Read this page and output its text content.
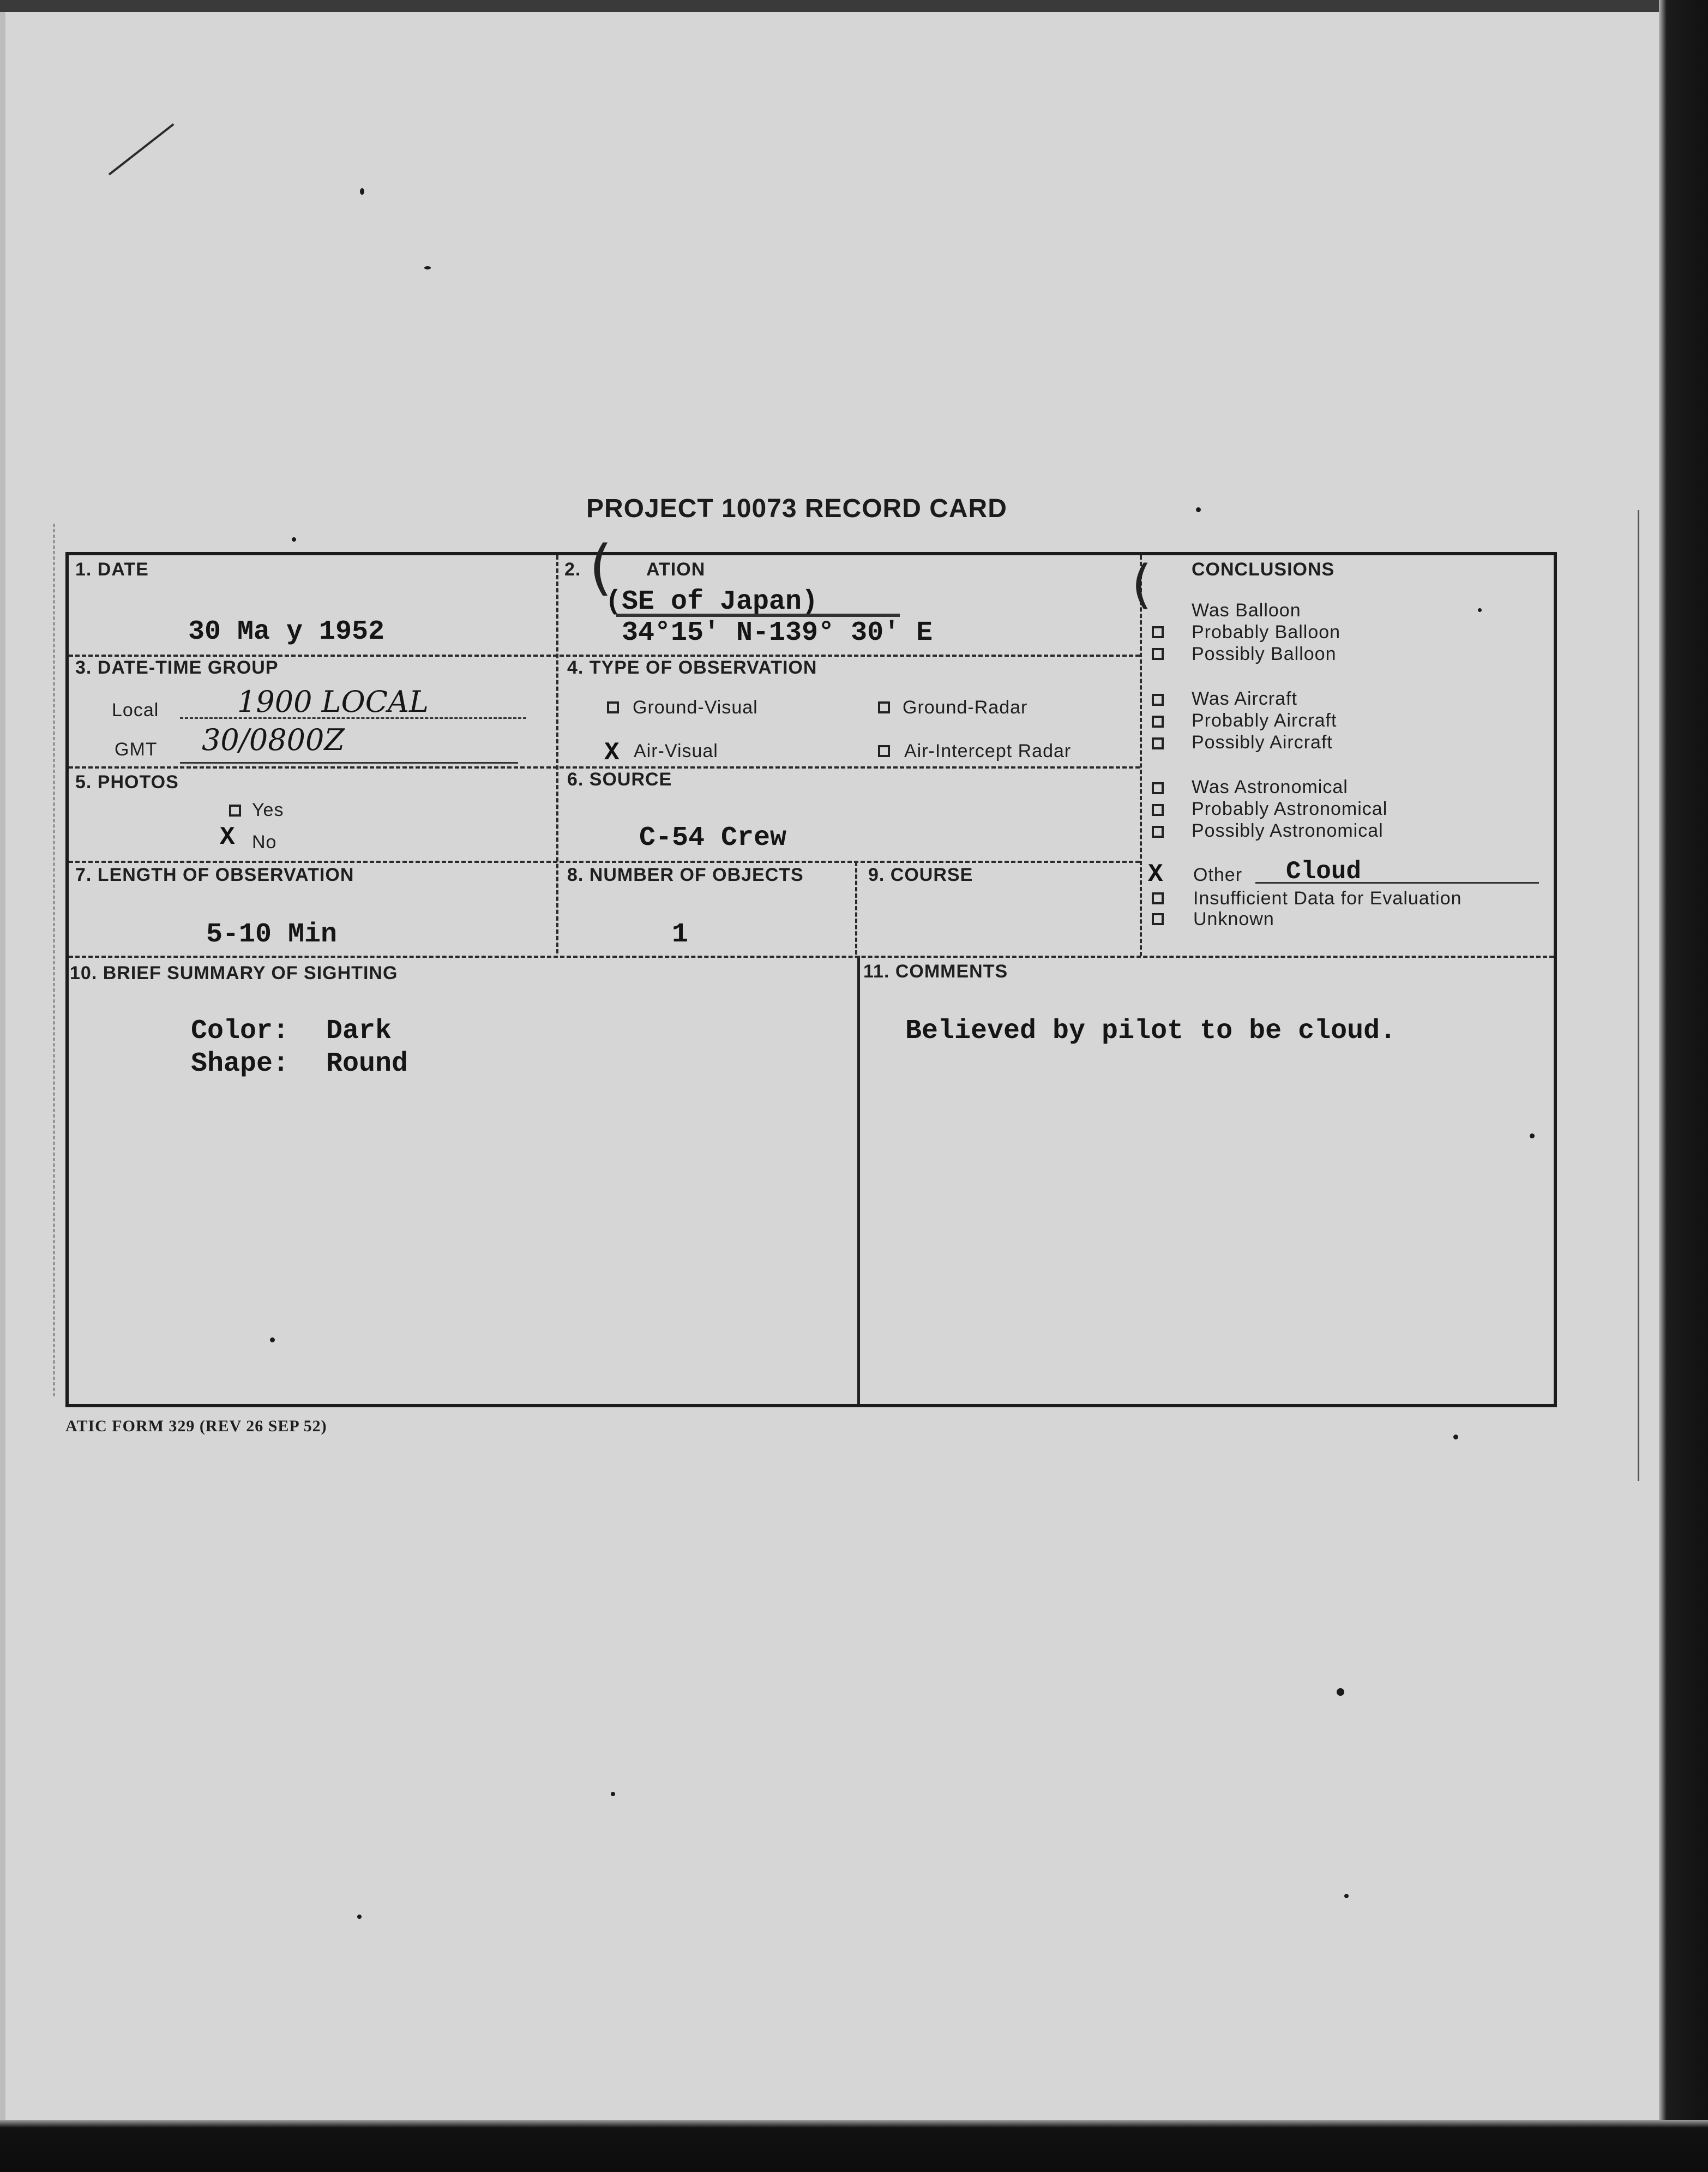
PROJECT 10073 RECORD CARD
1. DATE
30 Ma y 1952
2. ( ATION
(SE of Japan)
34°15' N-139° 30' E
3. DATE-TIME GROUP
Local	1900 LOCAL
GMT 30/0800Z
4. TYPE OF OBSERVATION
Ground-Visual	Ground-Radar
X Air-Visual	Air-Intercept Radar
5. PHOTOS
Yes
X No
6. SOURCE
C-54 Crew
7. LENGTH OF OBSERVATION
5-10 Min
8. NUMBER OF OBJECTS
1
9. COURSE
( CONCLUSIONS
Was Balloon
Probably Balloon
Possibly Balloon
Was Aircraft
Probably Aircraft
Possibly Aircraft
Was Astronomical
Probably Astronomical
Possibly Astronomical
X Other Cloud
Insufficient Data for Evaluation
Unknown
10. BRIEF SUMMARY OF SIGHTING
Color: Dark
Shape: Round
11. COMMENTS
Believed by pilot to be cloud.
ATIC FORM 329 (REV 26 SEP 52)
